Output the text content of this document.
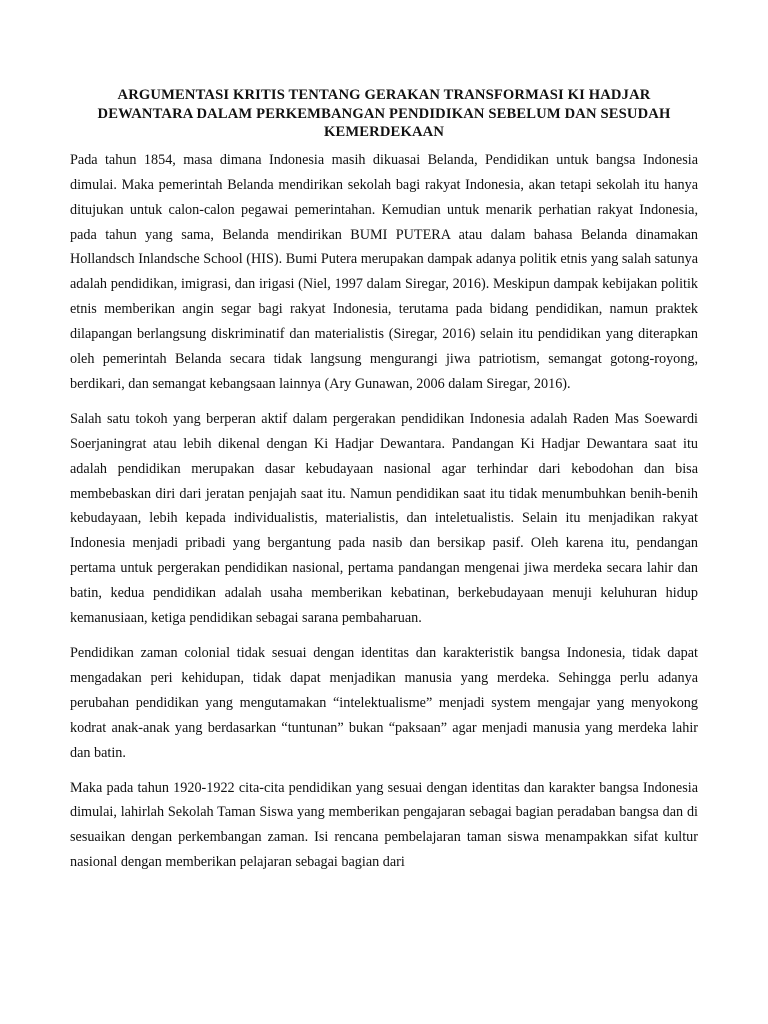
ARGUMENTASI KRITIS TENTANG GERAKAN TRANSFORMASI KI HADJAR
DEWANTARA DALAM PERKEMBANGAN PENDIDIKAN SEBELUM DAN SESUDAH
KEMERDEKAAN

Pada tahun 1854, masa dimana Indonesia masih dikuasai Belanda, Pendidikan untuk bangsa Indonesia dimulai. Maka pemerintah Belanda mendirikan sekolah bagi rakyat Indonesia, akan tetapi sekolah itu hanya ditujukan untuk calon-calon pegawai pemerintahan. Kemudian untuk menarik perhatian rakyat Indonesia, pada tahun yang sama, Belanda mendirikan BUMI PUTERA atau dalam bahasa Belanda dinamakan Hollandsch Inlandsche School (HIS). Bumi Putera merupakan dampak adanya politik etnis yang salah satunya adalah pendidikan, imigrasi, dan irigasi (Niel, 1997 dalam Siregar, 2016). Meskipun dampak kebijakan politik etnis memberikan angin segar bagi rakyat Indonesia, terutama pada bidang pendidikan, namun praktek dilapangan berlangsung diskriminatif dan materialistis (Siregar, 2016) selain itu pendidikan yang diterapkan oleh pemerintah Belanda secara tidak langsung mengurangi jiwa patriotism, semangat gotong-royong, berdikari, dan semangat kebangsaan lainnya (Ary Gunawan, 2006 dalam Siregar, 2016).

Salah satu tokoh yang berperan aktif dalam pergerakan pendidikan Indonesia adalah Raden Mas Soewardi Soerjaningrat atau lebih dikenal dengan Ki Hadjar Dewantara. Pandangan Ki Hadjar Dewantara saat itu adalah pendidikan merupakan dasar kebudayaan nasional agar terhindar dari kebodohan dan bisa membebaskan diri dari jeratan penjajah saat itu. Namun pendidikan saat itu tidak menumbuhkan benih-benih kebudayaan, lebih kepada individualistis, materialistis, dan inteletualistis. Selain itu menjadikan rakyat Indonesia menjadi pribadi yang bergantung pada nasib dan bersikap pasif. Oleh karena itu, pendangan pertama untuk pergerakan pendidikan nasional, pertama pandangan mengenai jiwa merdeka secara lahir dan batin, kedua pendidikan adalah usaha memberikan kebatinan, berkebudayaan menuji keluhuran hidup kemanusiaan, ketiga pendidikan sebagai sarana pembaharuan.

Pendidikan zaman colonial tidak sesuai dengan identitas dan karakteristik bangsa Indonesia, tidak dapat mengadakan peri kehidupan, tidak dapat menjadikan manusia yang merdeka. Sehingga perlu adanya perubahan pendidikan yang mengutamakan “intelektualisme” menjadi system mengajar yang menyokong kodrat anak-anak yang berdasarkan “tuntunan” bukan “paksaan” agar menjadi manusia yang merdeka lahir dan batin.

Maka pada tahun 1920-1922 cita-cita pendidikan yang sesuai dengan identitas dan karakter bangsa Indonesia dimulai, lahirlah Sekolah Taman Siswa yang memberikan pengajaran sebagai bagian peradaban bangsa dan di sesuaikan dengan perkembangan zaman. Isi rencana pembelajaran taman siswa menampakkan sifat kultur nasional dengan memberikan pelajaran sebagai bagian dari
